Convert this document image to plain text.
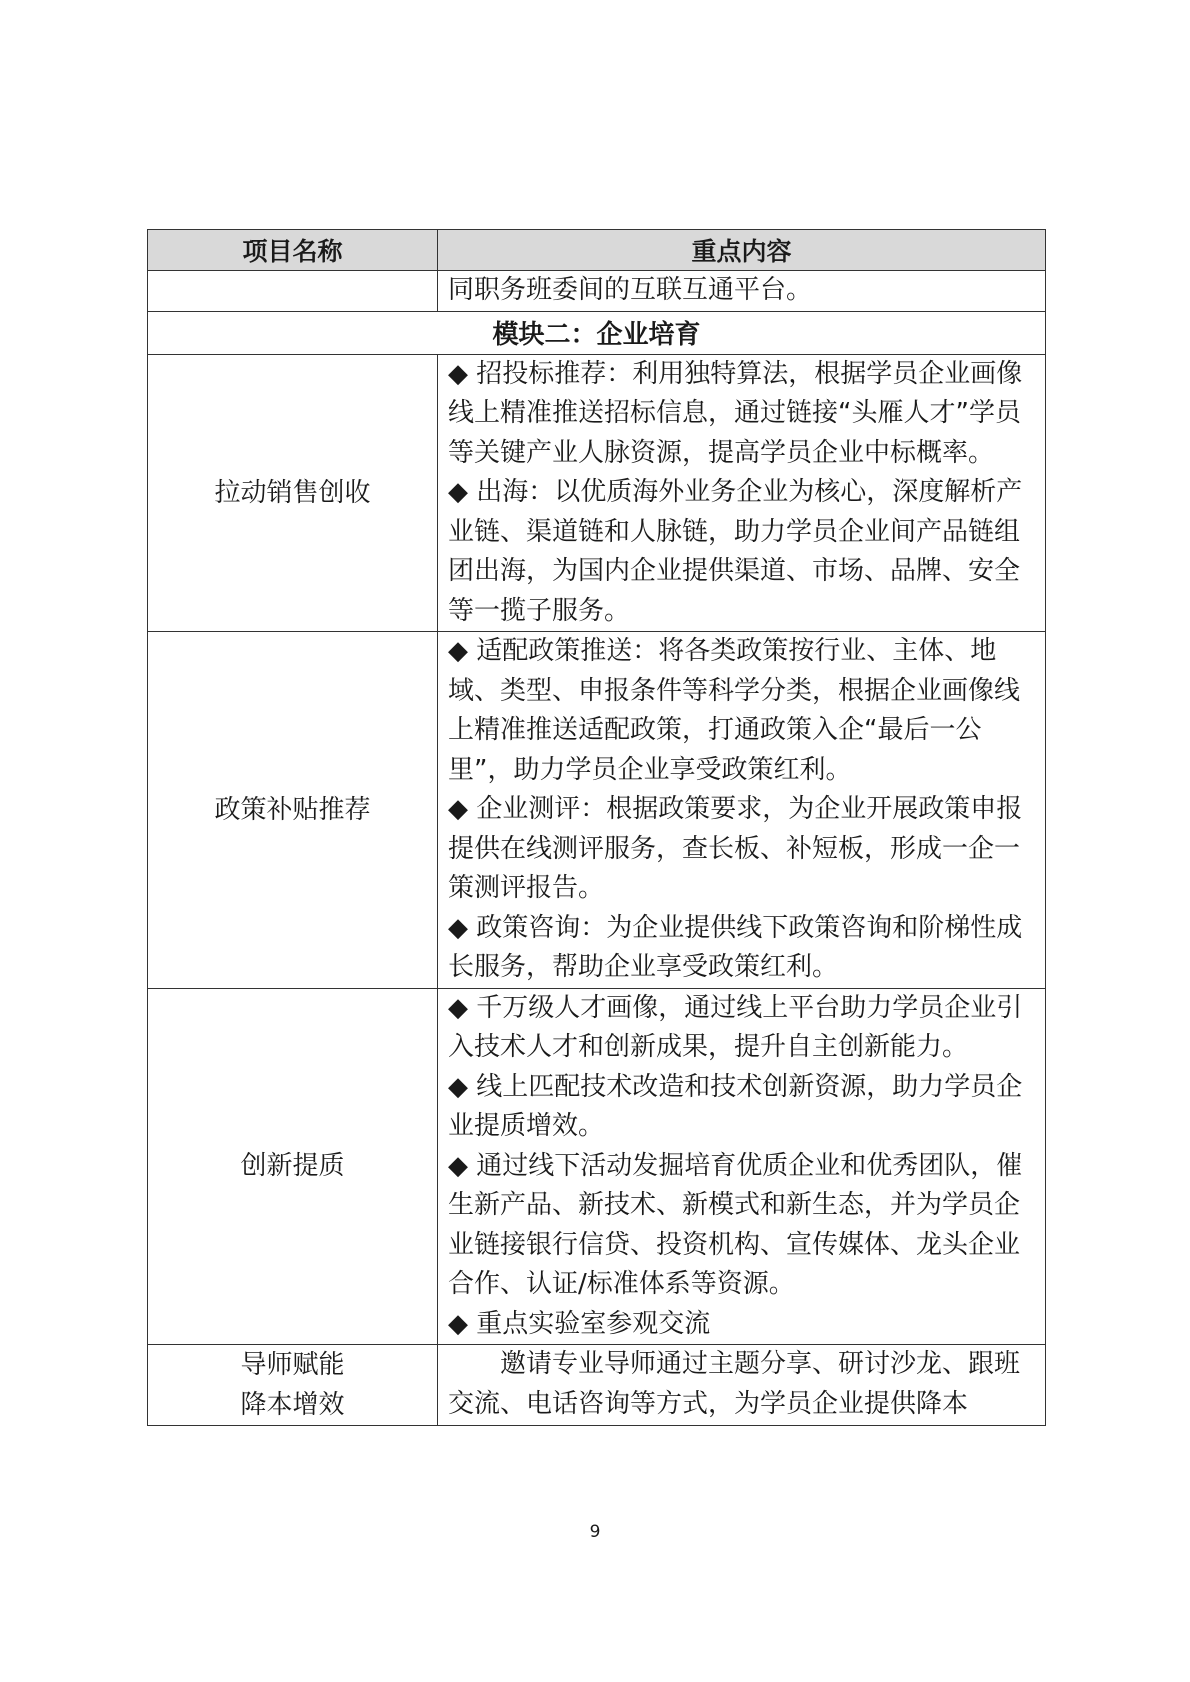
项目名称	重点内容

	同职务班委间的互联互通平台。

模块二：企业培育	
拉动销售创收	◆ 招投标推荐：利用独特算法，根据学员企业画像线上精准推送招标信息，通过链接“头雁人才”学员等关键产业人脉资源，提高学员企业中标概率。

◆ 出海：以优质海外业务企业为核心，深度解析产业链、渠道链和人脉链，助力学员企业间产品链组团出海，为国内企业提供渠道、市场、品牌、安全等一揽子服务。

政策补贴推荐	◆ 适配政策推送：将各类政策按行业、主体、地域、类型、申报条件等科学分类，根据企业画像线上精准推送适配政策，打通政策入企“最后一公里”，助力学员企业享受政策红利。

◆ 企业测评：根据政策要求，为企业开展政策申报提供在线测评服务，查长板、补短板，形成一企一策测评报告。

◆ 政策咨询：为企业提供线下政策咨询和阶梯性成长服务，帮助企业享受政策红利。

创新提质	◆ 千万级人才画像，通过线上平台助力学员企业引入技术人才和创新成果，提升自主创新能力。

◆ 线上匹配技术改造和技术创新资源，助力学员企业提质增效。

◆ 通过线下活动发掘培育优质企业和优秀团队，催生新产品、新技术、新模式和新生态，并为学员企业链接银行信贷、投资机构、宣传媒体、龙头企业合作、认证/标准体系等资源。

◆ 重点实验室参观交流

导师赋能
降本增效	邀请专业导师通过主题分享、研讨沙龙、跟班交流、电话咨询等方式，为学员企业提供降本

9
